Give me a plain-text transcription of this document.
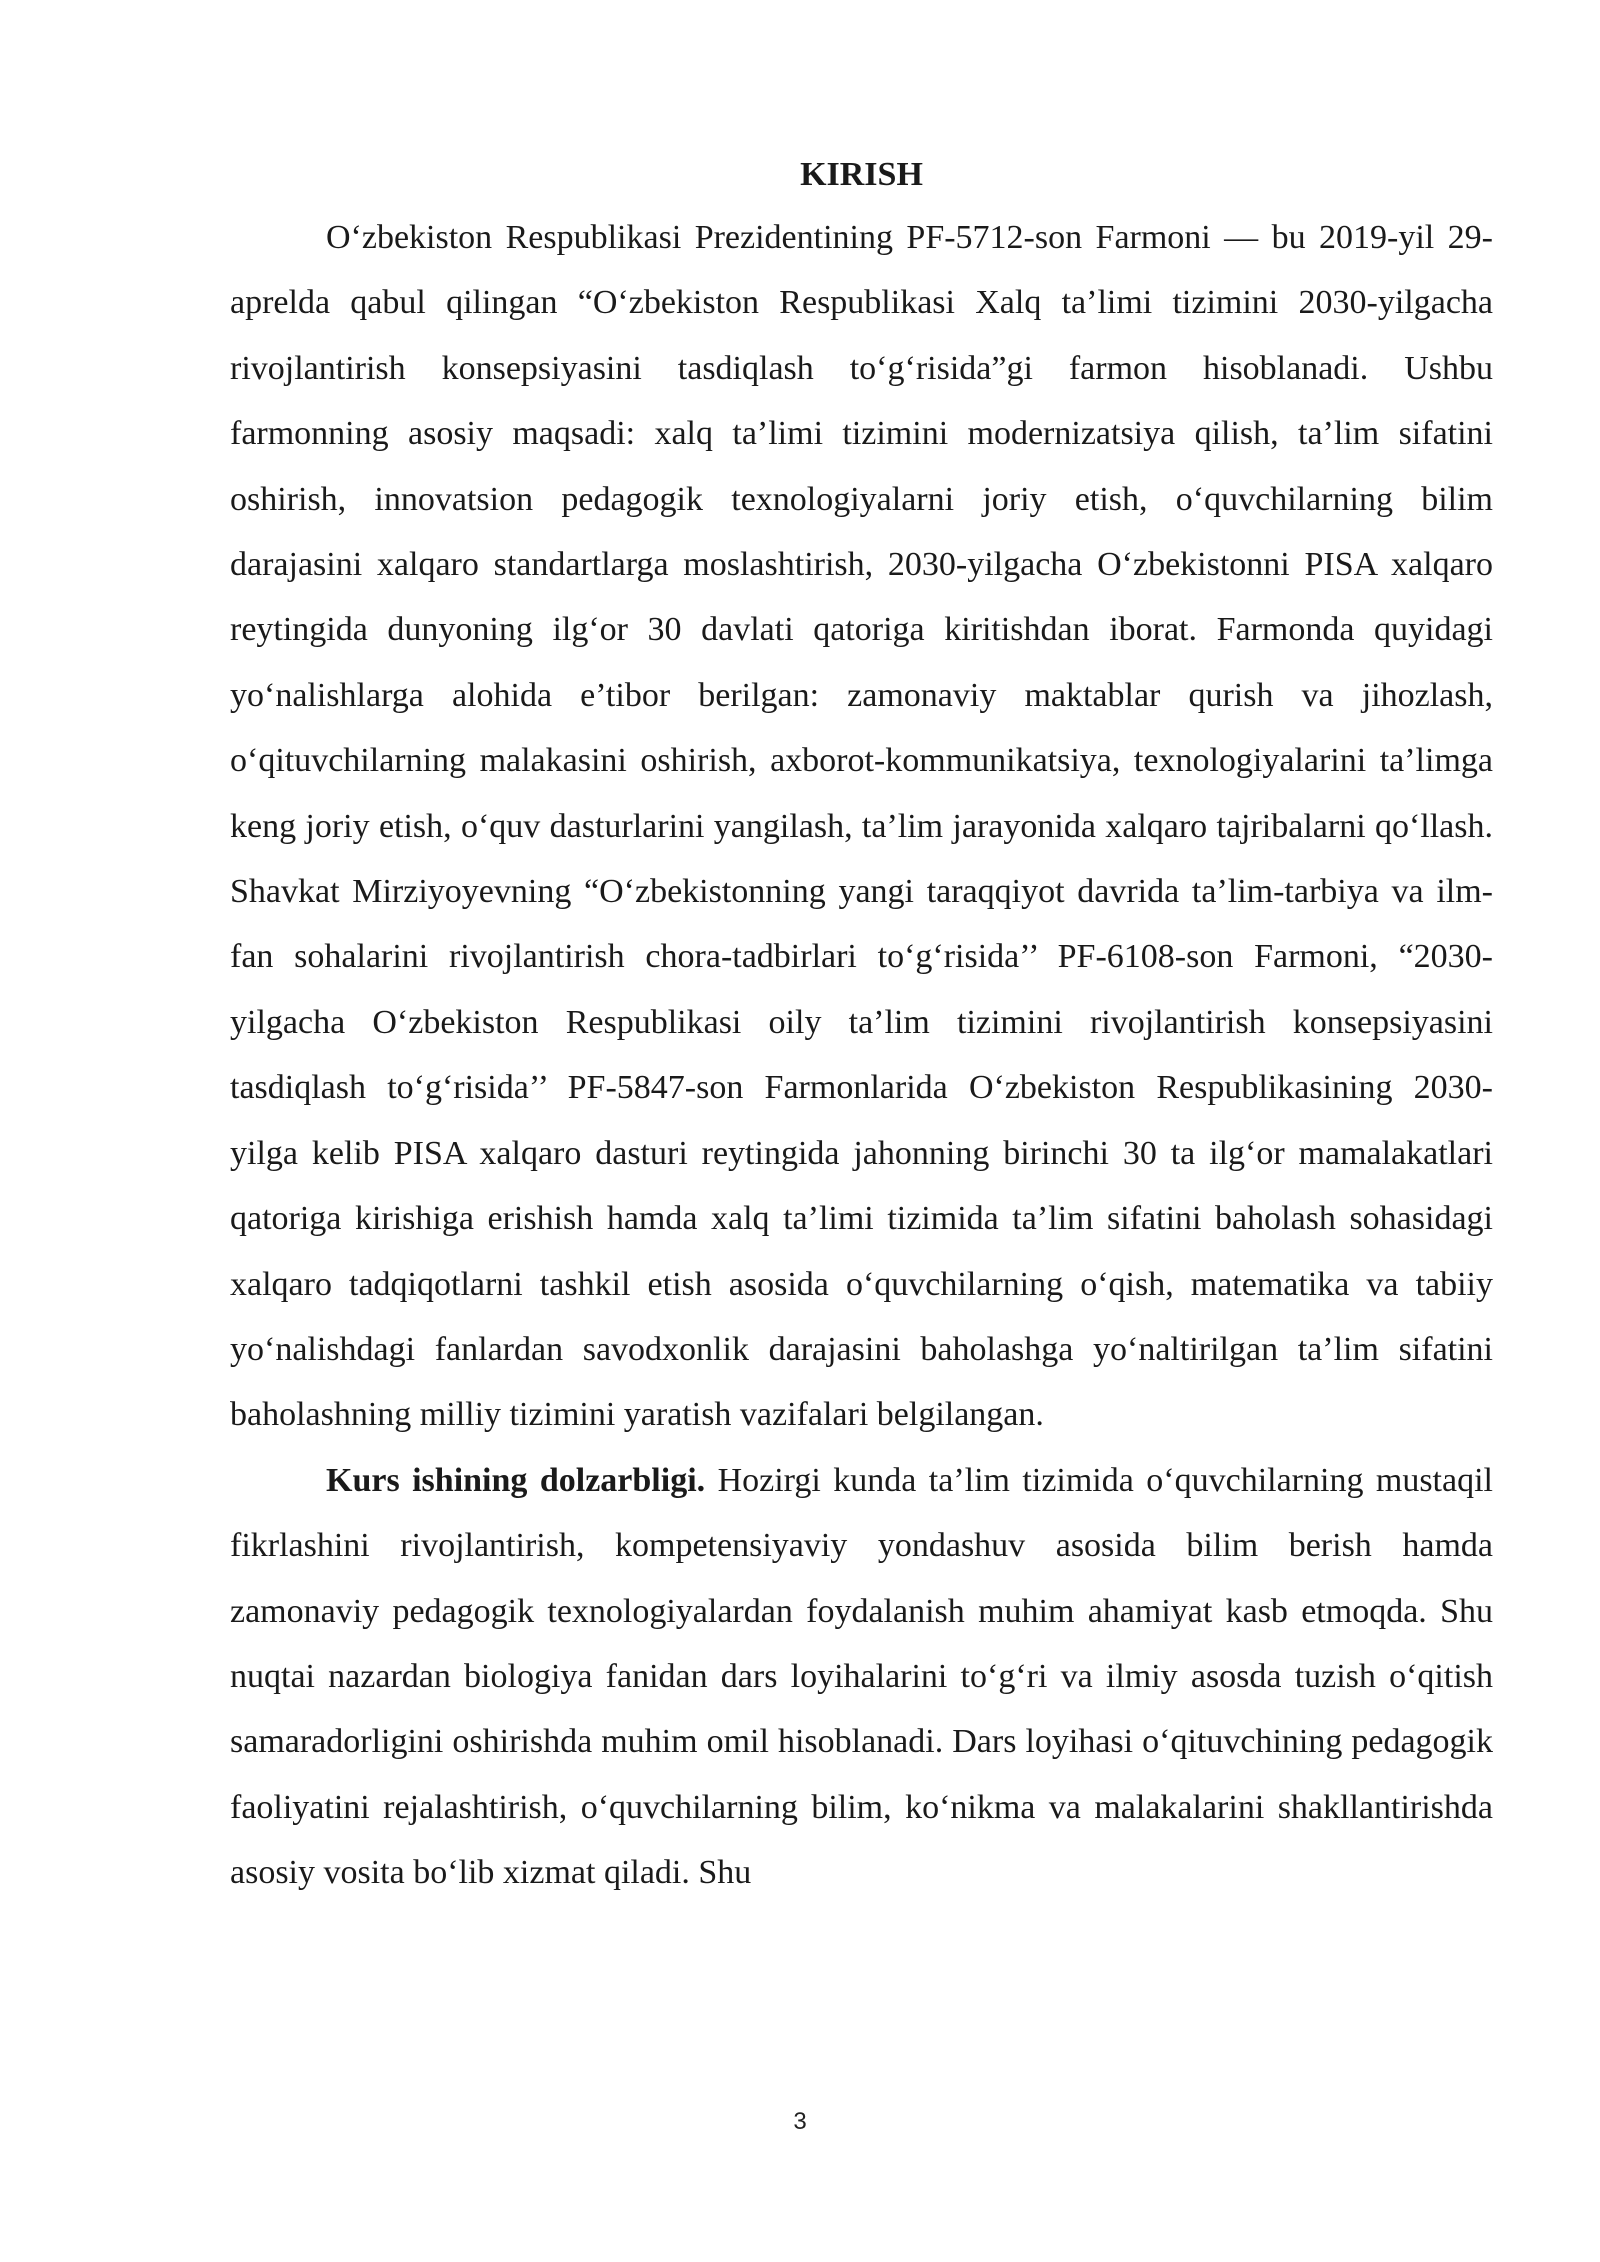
KIRISH

O‘zbekiston Respublikasi Prezidentining PF-5712-son Farmoni — bu 2019-yil 29-aprelda qabul qilingan “O‘zbekiston Respublikasi Xalq ta’limi tizimini 2030-yilgacha rivojlantirish konsepsiyasini tasdiqlash to‘g‘risida”gi farmon hisoblanadi. Ushbu farmonning asosiy maqsadi: xalq ta’limi tizimini modernizatsiya qilish, ta’lim sifatini oshirish, innovatsion pedagogik texnologiyalarni joriy etish, o‘quvchilarning bilim darajasini xalqaro standartlarga moslashtirish, 2030-yilgacha O‘zbekistonni PISA xalqaro reytingida dunyoning ilg‘or 30 davlati qatoriga kiritishdan iborat. Farmonda quyidagi yo‘nalishlarga alohida e’tibor berilgan: zamonaviy maktablar qurish va jihozlash, o‘qituvchilarning malakasini oshirish, axborot-kommunikatsiya, texnologiyalarini ta’limga keng joriy etish, o‘quv dasturlarini yangilash, ta’lim jarayonida xalqaro tajribalarni qo‘llash. Shavkat Mirziyoyevning “O‘zbekistonning yangi taraqqiyot davrida ta’lim-tarbiya va ilm-fan sohalarini rivojlantirish chora-tadbirlari to‘g‘risida’’ PF-6108-son Farmoni, “2030- yilgacha O‘zbekiston Respublikasi oily ta’lim tizimini rivojlantirish konsepsiyasini tasdiqlash to‘g‘risida’’ PF-5847-son Farmonlarida O‘zbekiston Respublikasining 2030- yilga kelib PISA xalqaro dasturi reytingida jahonning birinchi 30 ta ilg‘or mamalakatlari qatoriga kirishiga erishish hamda xalq ta’limi tizimida ta’lim sifatini baholash sohasidagi xalqaro tadqiqotlarni tashkil etish asosida o‘quvchilarning o‘qish, matematika va tabiiy yo‘nalishdagi fanlardan savodxonlik darajasini baholashga yo‘naltirilgan ta’lim sifatini baholashning milliy tizimini yaratish vazifalari belgilangan.

Kurs ishining dolzarbligi. Hozirgi kunda ta’lim tizimida o‘quvchilarning mustaqil fikrlashini rivojlantirish, kompetensiyaviy yondashuv asosida bilim berish hamda zamonaviy pedagogik texnologiyalardan foydalanish muhim ahamiyat kasb etmoqda. Shu nuqtai nazardan biologiya fanidan dars loyihalarini to‘g‘ri va ilmiy asosda tuzish o‘qitish samaradorligini oshirishda muhim omil hisoblanadi. Dars loyihasi o‘qituvchining pedagogik faoliyatini rejalashtirish, o‘quvchilarning bilim, ko‘nikma va malakalarini shakllantirishda asosiy vosita bo‘lib xizmat qiladi. Shu

3
